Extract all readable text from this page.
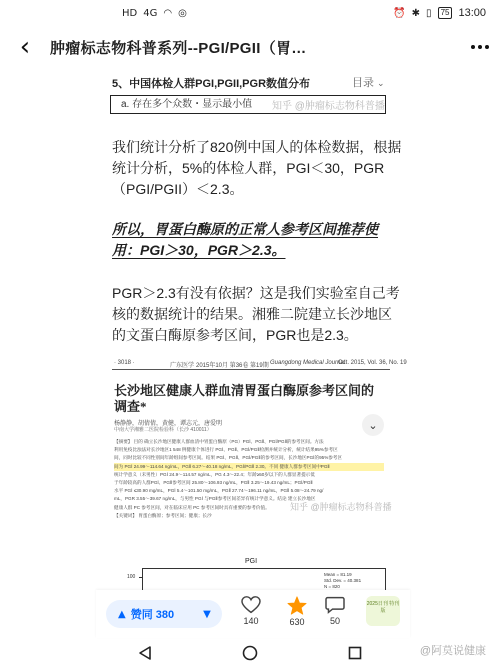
HD 4G ◠ ◎	⏰ ✱ ▯	75 13:00
‹ 肿瘤标志物科普系列--PGI/PGII（胃…
5、中国体检人群PGI,PGII,PGR数值分布	目录 ⌄
a. 存在多个众数・显示最小值	知乎 @肿瘤标志物科普播
我们统计分析了820例中国人的体检数据，根据统计分析，5%的体检人群，PGI＜30，PGR（PGI/PGII）＜2.3。
所以，胃蛋白酶原的正常人参考区间推荐使用：PGI＞30，PGR＞2.3。
PGR＞2.3有没有依据？这是我们实验室自己考核的数据统计的结果。湘雅二院建立长沙地区的文蛋白酶原参考区间，PGR也是2.3。
· 3018 ·	广东医学 2015年10月 第36卷 第19期 Guangdong Medical Journal
Oct. 2015, Vol. 36, No. 19
长沙地区健康人群血清胃蛋白酶原参考区间的调查*
杨静静，胡倩倩，黄健，谭志元，唐爱明
中南大学湘雅二医院检验科（长沙 410011）
【摘要】 目的 确立长沙地区健康人群血清中胃蛋白酶原（PG）PGⅠ、PGⅡ、PGⅠ/PGⅡ的参考区间。方法
利用免疫比浊法对长沙地区1 548 例健康个体进行 PGⅠ、PGⅡ、PGⅠ/PGⅡ检测并统计分析，统计结果95%参考区
间，同时比较不同性别间年龄组间参考区间。结果 PGⅠ、PGⅡ、PGⅠ/PGⅡ的参考区间，长沙地区PGⅠ的95%参考区
间为 PGⅠ 24.99～114.64 ng/mL，PGⅡ 6.27～40.18 ng/mL，PGⅠ/PGⅡ 2.30。不同 健康人群参考区间中PGⅡ
统计学意义（未男性）PGⅠ 24.9～114.57 ng/mL，PG 4.3～22.4；年龄≥50岁以下的人群显著提示低
于年龄较高的人群PGⅠ、PGⅡ参考区间 25.80～106.93 ng/mL，PGⅡ 3.25～19.43 ng/mL；PGⅠ/PGⅡ
水平 PGⅠ ≤30.90 mg/mL，PGⅠ 5.4～101.50 mg/mL，PGⅡ 27.74～196.11 ng/mL，PGⅡ 5.08～24.79 ng/
mL，PGR 3.55～39.67 ng/mL，与男性 PGⅠ 与PGⅡ参考区间差异有统计学意义。结论 建立长沙地区
健康人群 PC 参考区间，对在临床应用 PC 参考区间时具有重要的参考价值。
【关键词】 胃蛋白酶原；参考区间；健康；长沙
知乎 @肿瘤标志物科普播
⌄
PGI
100	Mean = 81.19
Std. Dev. = 40.381
N = 820
▲ 赞同 380	▼
140	630	50
2025日刊 特刊版
@阿莫说健康
